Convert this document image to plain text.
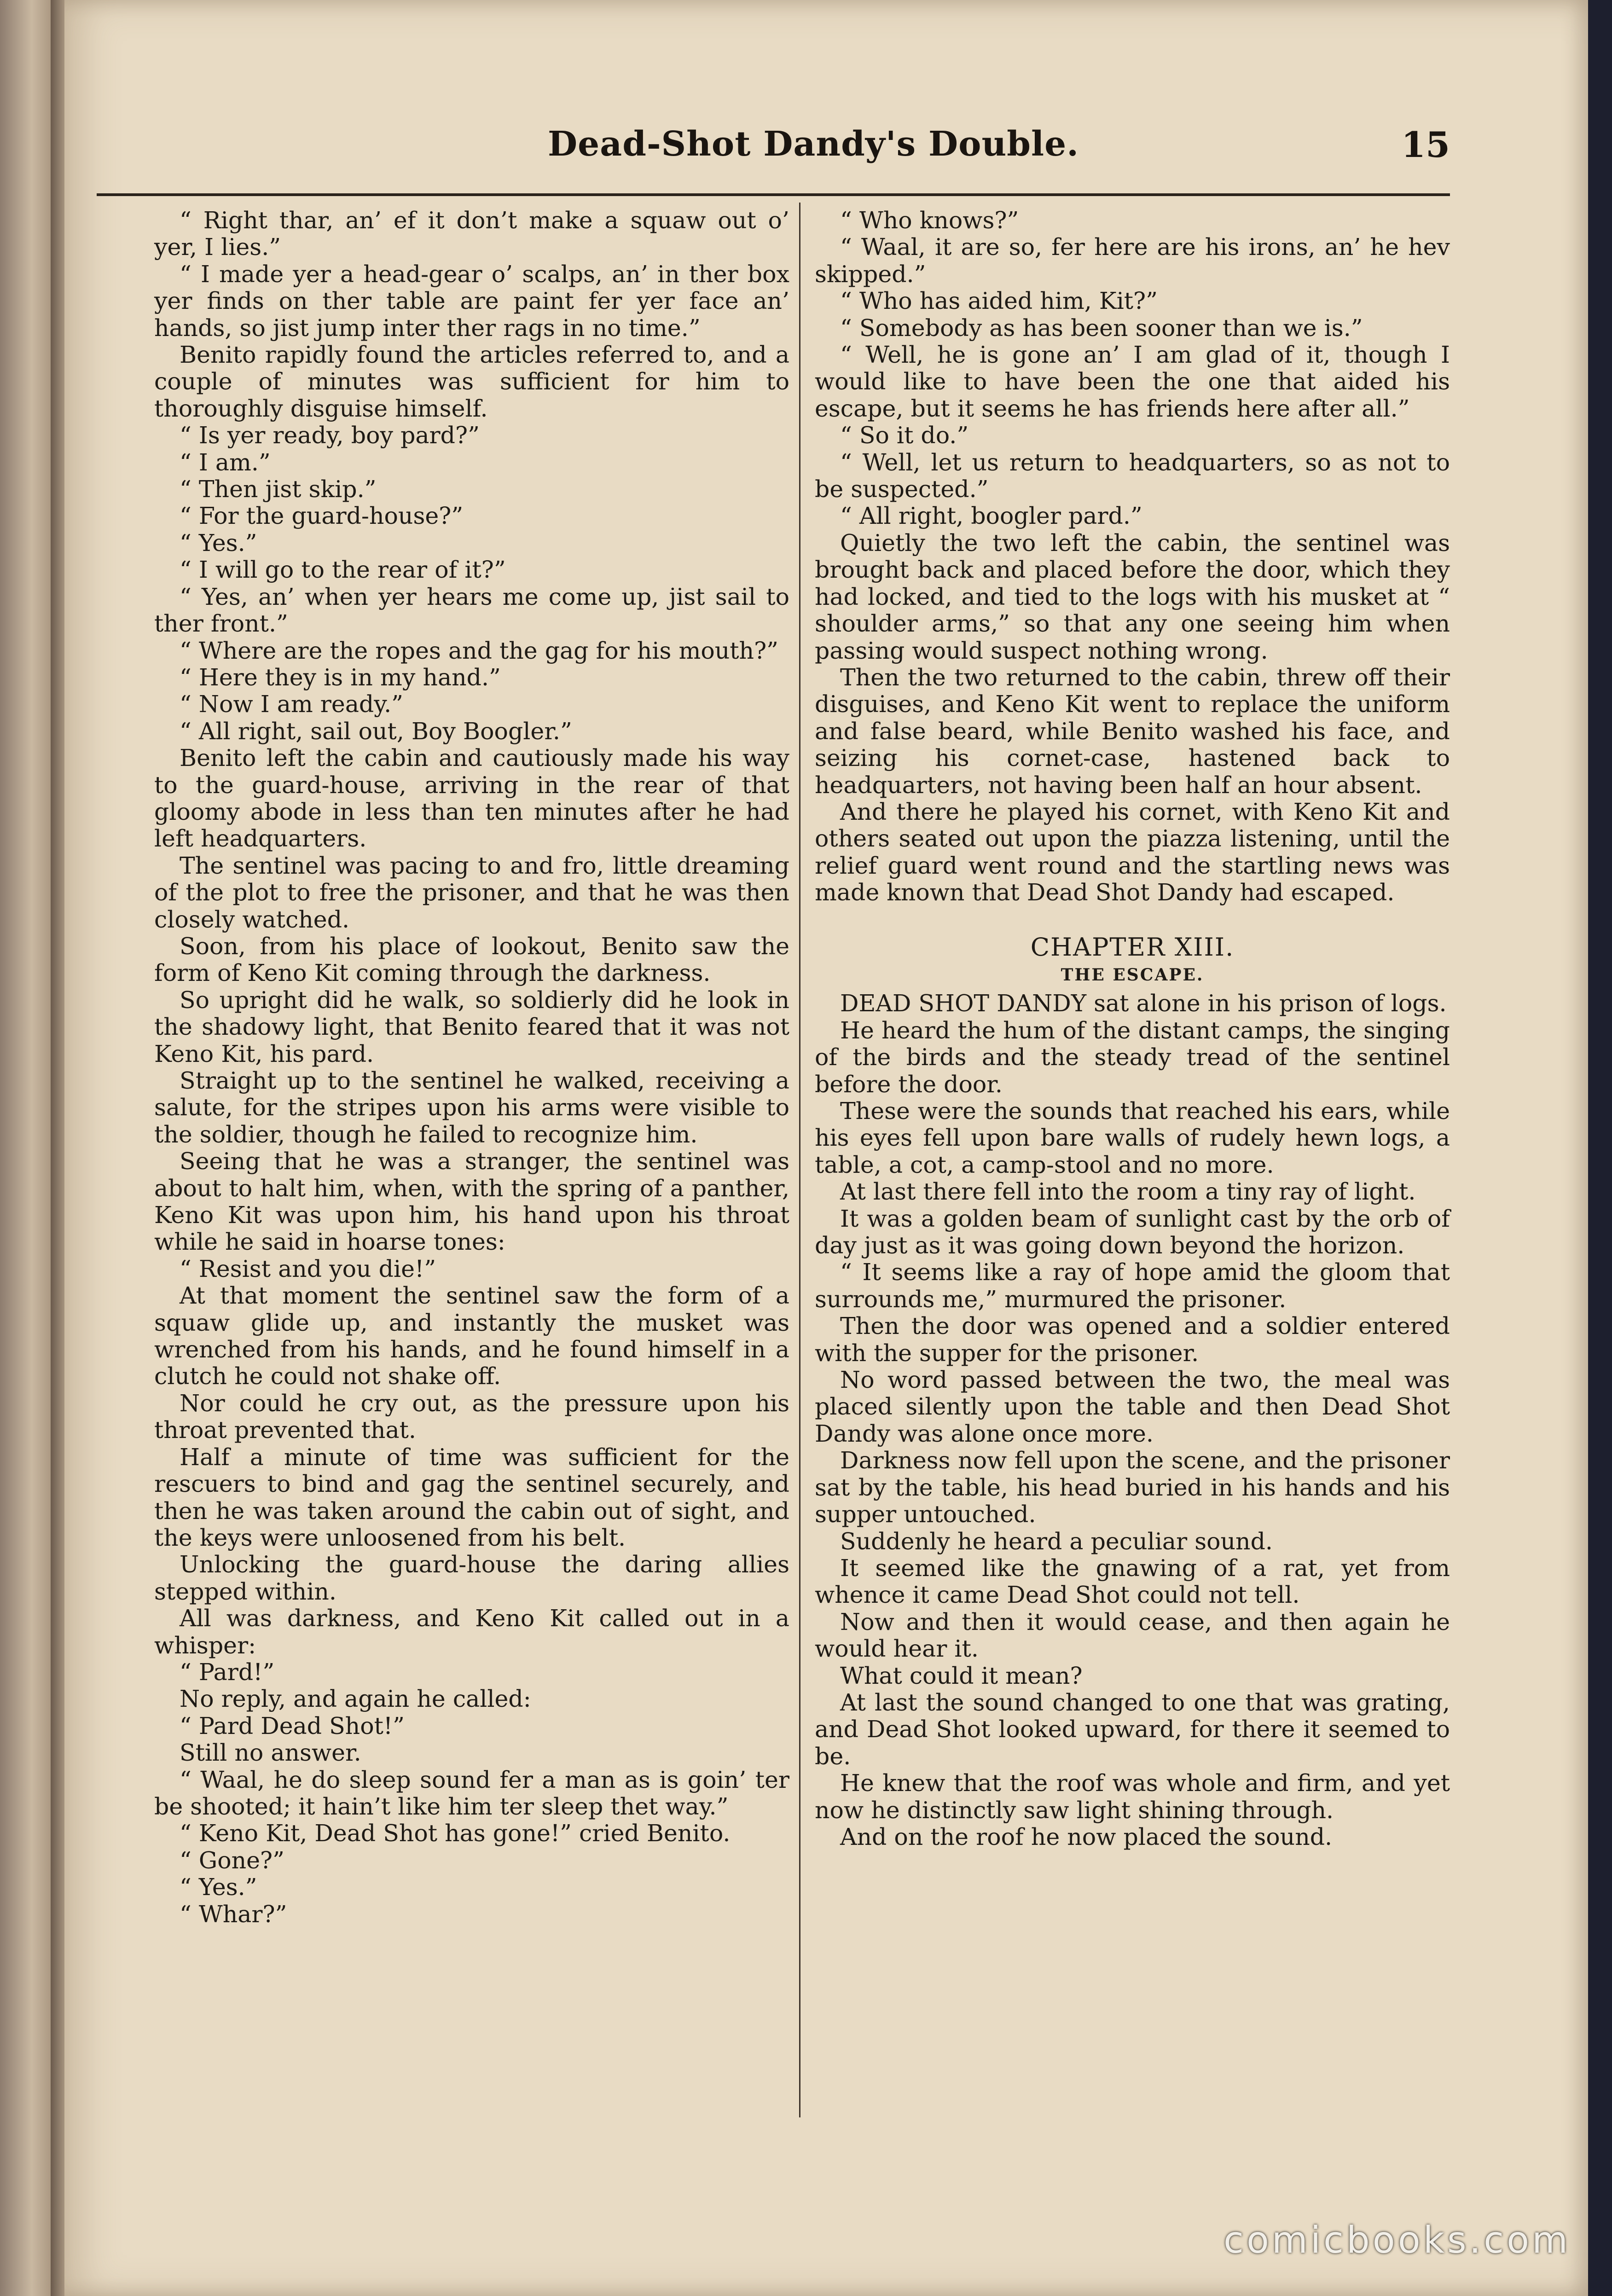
Dead-Shot Dandy's Double.	15

“ Right thar, an’ ef it don’t make a squaw out o’ yer, I lies.”

“ I made yer a head-gear o’ scalps, an’ in ther box yer finds on ther table are paint fer yer face an’ hands, so jist jump inter ther rags in no time.”

Benito rapidly found the articles referred to, and a couple of minutes was sufficient for him to thoroughly disguise himself.

“ Is yer ready, boy pard?”

“ I am.”

“ Then jist skip.”

“ For the guard-house?”

“ Yes.”

“ I will go to the rear of it?”

“ Yes, an’ when yer hears me come up, jist sail to ther front.”

“ Where are the ropes and the gag for his mouth?”

“ Here they is in my hand.”

“ Now I am ready.”

“ All right, sail out, Boy Boogler.”

Benito left the cabin and cautiously made his way to the guard-house, arriving in the rear of that gloomy abode in less than ten minutes after he had left headquarters.

The sentinel was pacing to and fro, little dreaming of the plot to free the prisoner, and that he was then closely watched.

Soon, from his place of lookout, Benito saw the form of Keno Kit coming through the darkness.

So upright did he walk, so soldierly did he look in the shadowy light, that Benito feared that it was not Keno Kit, his pard.

Straight up to the sentinel he walked, receiving a salute, for the stripes upon his arms were visible to the soldier, though he failed to recognize him.

Seeing that he was a stranger, the sentinel was about to halt him, when, with the spring of a panther, Keno Kit was upon him, his hand upon his throat while he said in hoarse tones:

“ Resist and you die!”

At that moment the sentinel saw the form of a squaw glide up, and instantly the musket was wrenched from his hands, and he found himself in a clutch he could not shake off.

Nor could he cry out, as the pressure upon his throat prevented that.

Half a minute of time was sufficient for the rescuers to bind and gag the sentinel securely, and then he was taken around the cabin out of sight, and the keys were unloosened from his belt.

Unlocking the guard-house the daring allies stepped within.

All was darkness, and Keno Kit called out in a whisper:

“ Pard!”

No reply, and again he called:

“ Pard Dead Shot!”

Still no answer.

“ Waal, he do sleep sound fer a man as is goin’ ter be shooted; it hain’t like him ter sleep thet way.”

“ Keno Kit, Dead Shot has gone!” cried Benito.

“ Gone?”

“ Yes.”

“ Whar?”

“ Who knows?”

“ Waal, it are so, fer here are his irons, an’ he hev skipped.”

“ Who has aided him, Kit?”

“ Somebody as has been sooner than we is.”

“ Well, he is gone an’ I am glad of it, though I would like to have been the one that aided his escape, but it seems he has friends here after all.”

“ So it do.”

“ Well, let us return to headquarters, so as not to be suspected.”

“ All right, boogler pard.”

Quietly the two left the cabin, the sentinel was brought back and placed before the door, which they had locked, and tied to the logs with his musket at “ shoulder arms,” so that any one seeing him when passing would suspect nothing wrong.

Then the two returned to the cabin, threw off their disguises, and Keno Kit went to replace the uniform and false beard, while Benito washed his face, and seizing his cornet-case, hastened back to headquarters, not having been half an hour absent.

And there he played his cornet, with Keno Kit and others seated out upon the piazza listening, until the relief guard went round and the startling news was made known that Dead Shot Dandy had escaped.

CHAPTER XIII.
THE ESCAPE.

DEAD SHOT DANDY sat alone in his prison of logs.

He heard the hum of the distant camps, the singing of the birds and the steady tread of the sentinel before the door.

These were the sounds that reached his ears, while his eyes fell upon bare walls of rudely hewn logs, a table, a cot, a camp-stool and no more.

At last there fell into the room a tiny ray of light.

It was a golden beam of sunlight cast by the orb of day just as it was going down beyond the horizon.

“ It seems like a ray of hope amid the gloom that surrounds me,” murmured the prisoner.

Then the door was opened and a soldier entered with the supper for the prisoner.

No word passed between the two, the meal was placed silently upon the table and then Dead Shot Dandy was alone once more.

Darkness now fell upon the scene, and the prisoner sat by the table, his head buried in his hands and his supper untouched.

Suddenly he heard a peculiar sound.

It seemed like the gnawing of a rat, yet from whence it came Dead Shot could not tell.

Now and then it would cease, and then again he would hear it.

What could it mean?

At last the sound changed to one that was grating, and Dead Shot looked upward, for there it seemed to be.

He knew that the roof was whole and firm, and yet now he distinctly saw light shining through.

And on the roof he now placed the sound.

comicbooks.com
